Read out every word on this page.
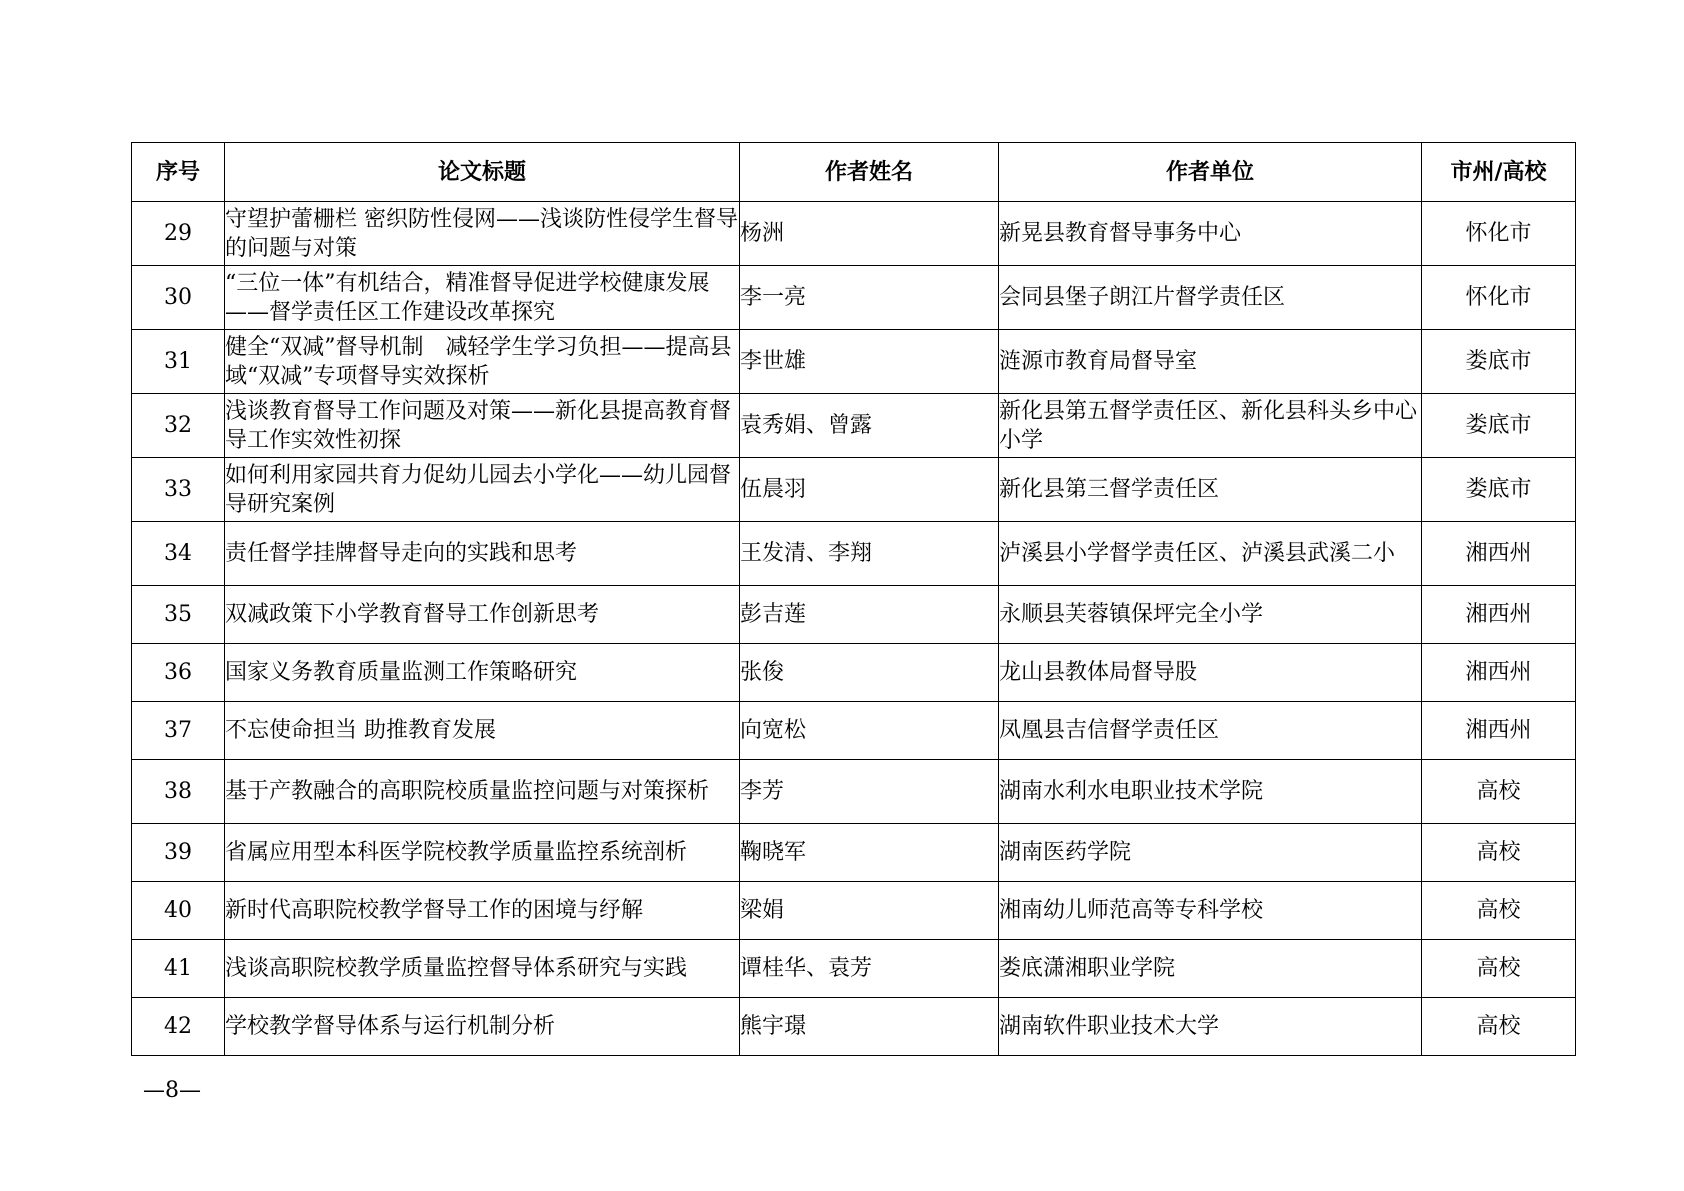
序号	论文标题	作者姓名	作者单位	市州/高校
29	守望护蕾栅栏 密织防性侵网——浅谈防性侵学生督导的问题与对策	杨洲	新晃县教育督导事务中心	怀化市
30	“三位一体”有机结合，精准督导促进学校健康发展——督学责任区工作建设改革探究	李一亮	会同县堡子朗江片督学责任区	怀化市
31	健全“双减”督导机制　减轻学生学习负担——提高县域“双减”专项督导实效探析	李世雄	涟源市教育局督导室	娄底市
32	浅谈教育督导工作问题及对策——新化县提高教育督导工作实效性初探	袁秀娟、曾露	新化县第五督学责任区、新化县科头乡中心小学	娄底市
33	如何利用家园共育力促幼儿园去小学化——幼儿园督导研究案例	伍晨羽	新化县第三督学责任区	娄底市
34	责任督学挂牌督导走向的实践和思考	王发清、李翔	泸溪县小学督学责任区、泸溪县武溪二小	湘西州
35	双减政策下小学教育督导工作创新思考	彭吉莲	永顺县芙蓉镇保坪完全小学	湘西州
36	国家义务教育质量监测工作策略研究	张俊	龙山县教体局督导股	湘西州
37	不忘使命担当 助推教育发展	向宽松	凤凰县吉信督学责任区	湘西州
38	基于产教融合的高职院校质量监控问题与对策探析	李芳	湖南水利水电职业技术学院	高校
39	省属应用型本科医学院校教学质量监控系统剖析	鞠晓军	湖南医药学院	高校
40	新时代高职院校教学督导工作的困境与纾解	梁娟	湘南幼儿师范高等专科学校	高校
41	浅谈高职院校教学质量监控督导体系研究与实践	谭桂华、袁芳	娄底潇湘职业学院	高校
42	学校教学督导体系与运行机制分析	熊宇璟	湖南软件职业技术大学	高校
—8—
